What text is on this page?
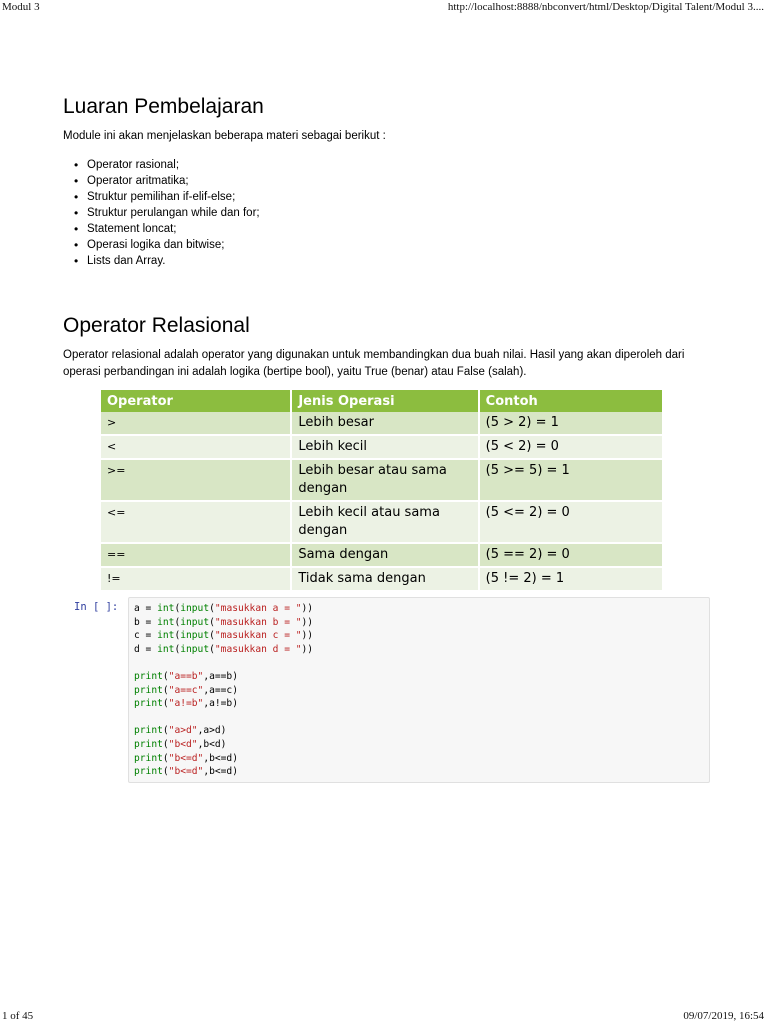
Modul 3	http://localhost:8888/nbconvert/html/Desktop/Digital Talent/Modul 3....
Luaran Pembelajaran

Module ini akan menjelaskan beberapa materi sebagai berikut :

• Operator rasional;
• Operator aritmatika;
• Struktur pemilihan if-elif-else;
• Struktur perulangan while dan for;
• Statement loncat;
• Operasi logika dan bitwise;
• Lists dan Array.
Operator Relasional

Operator relasional adalah operator yang digunakan untuk membandingkan dua buah nilai. Hasil yang akan diperoleh dari
operasi perbandingan ini adalah logika (bertipe bool), yaitu True (benar) atau False (salah).

Operator	Jenis Operasi	Contoh
>	Lebih besar	(5 > 2) = 1
<	Lebih kecil	(5 < 2) = 0
>=	Lebih besar atau sama dengan	(5 >= 5) = 1
<=	Lebih kecil atau sama dengan	(5 <= 2) = 0
==	Sama dengan	(5 == 2) = 0
!=	Tidak sama dengan	(5 != 2) = 1
In [ ]: a = int(input("masukkan a = "))
b = int(input("masukkan b = "))
c = int(input("masukkan c = "))
d = int(input("masukkan d = "))

print("a==b",a==b)
print("a==c",a==c)
print("a!=b",a!=b)

print("a>d",a>d)
print("b<d",b<d)
print("b<=d",b<=d)
print("b<=d",b<=d)
1 of 45	09/07/2019, 16:54
